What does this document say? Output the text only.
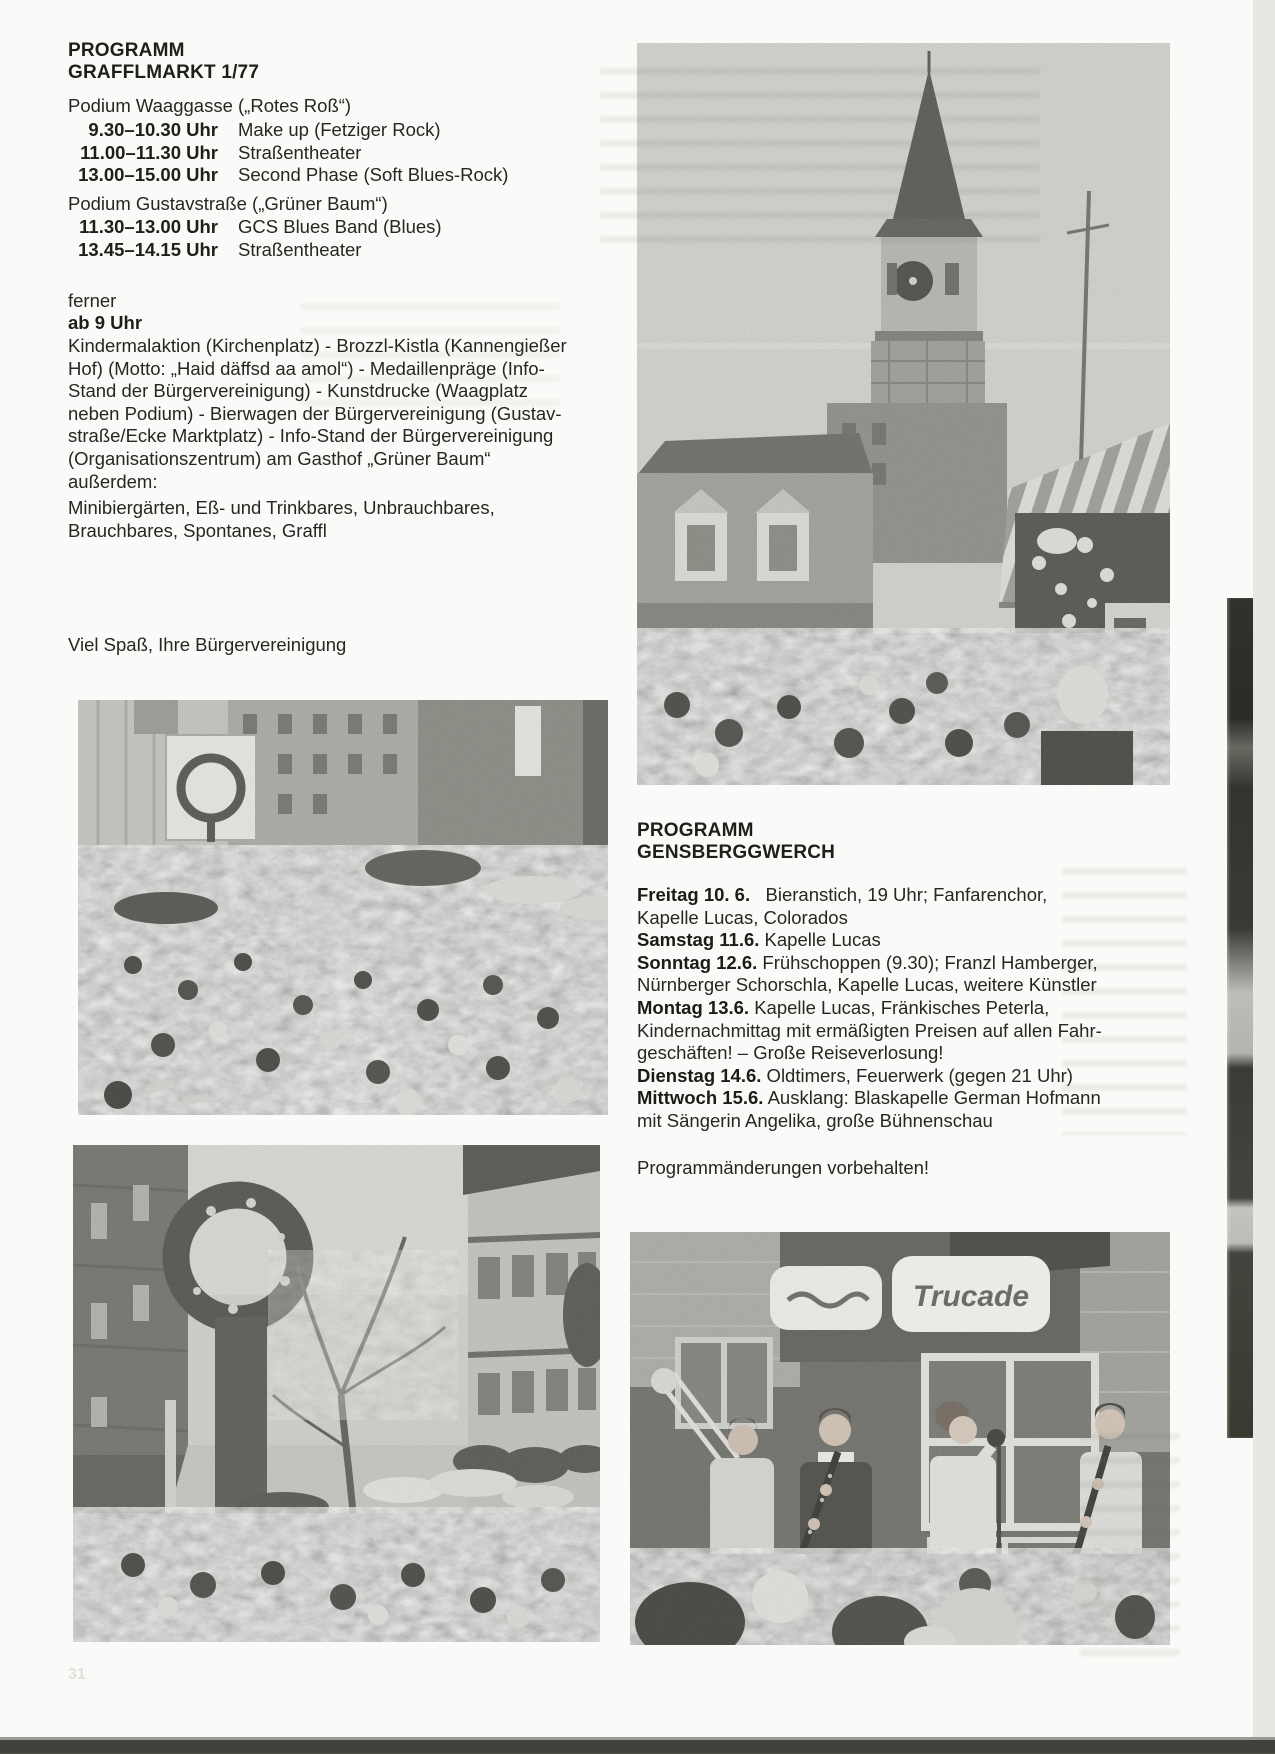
PROGRAMM
GRAFFLMARKT 1/77
Podium Waaggasse („Rotes Roß“)
9.30–10.30 Uhr Make up (Fetziger Rock)
11.00–11.30 Uhr Straßentheater
13.00–15.00 Uhr Second Phase (Soft Blues-Rock)
Podium Gustavstraße („Grüner Baum“)
11.30–13.00 Uhr GCS Blues Band (Blues)
13.45–14.15 Uhr Straßentheater
ferner
ab 9 Uhr
Kindermalaktion (Kirchenplatz) - Brozzl-Kistla (Kannengießer
Hof) (Motto: „Haid däffsd aa amol“) - Medaillenpräge (Info-
Stand der Bürgervereinigung) - Kunstdrucke (Waagplatz
neben Podium) - Bierwagen der Bürgervereinigung (Gustav-
straße/Ecke Marktplatz) - Info-Stand der Bürgervereinigung
(Organisationszentrum) am Gasthof „Grüner Baum“
außerdem:
Minibiergärten, Eß- und Trinkbares, Unbrauchbares,
Brauchbares, Spontanes, Graffl
Viel Spaß, Ihre Bürgervereinigung
PROGRAMM
GENSBERGGWERCH
Freitag 10. 6.   Bieranstich, 19 Uhr; Fanfarenchor,
Kapelle Lucas, Colorados
Samstag 11.6. Kapelle Lucas
Sonntag 12.6. Frühschoppen (9.30); Franzl Hamberger,
Nürnberger Schorschla, Kapelle Lucas, weitere Künstler
Montag 13.6. Kapelle Lucas, Fränkisches Peterla,
Kindernachmittag mit ermäßigten Preisen auf allen Fahr-
geschäften! – Große Reiseverlosung!
Dienstag 14.6. Oldtimers, Feuerwerk (gegen 21 Uhr)
Mittwoch 15.6. Ausklang: Blaskapelle German Hofmann
mit Sängerin Angelika, große Bühnenschau
Programmänderungen vorbehalten!
31
